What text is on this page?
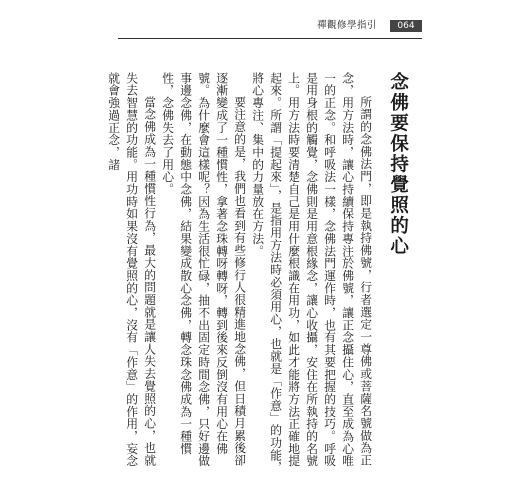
禪觀修學指引	064
念佛要保持覺照的心

所謂的念佛法門，即是執持佛號，行者選定一尊佛或菩薩名號做為正念，用方法時，讓心持續保持專注於佛號，讓正念攝住心，直至成為心唯一的正念。和呼吸法一樣，念佛法門運作時，也有其要把握的技巧。呼吸是用身根的觸覺，念佛則是用意根緣念，讓心收攝，安住在所執持的名號上。用方法時要清楚自己是用什麼根識在用功，如此才能將方法正確地提起來。所謂「提起來」，是指用方法時必須用心，也就是「作意」的功能，將心專注、集中的力量放在方法。

要注意的是，我們也看到有些修行人很精進地念佛，但日積月累後卻逐漸變成了一種慣性，拿著念珠轉呀轉呀，轉到後來反倒沒有用心在佛號。為什麼會這樣呢？因為生活很忙碌，抽不出固定時間念佛，只好邊做事邊念佛，在動態中念佛，結果變成散心念佛，轉念珠念佛成為一種慣性，念佛失去了用心。

當念佛成為一種慣性行為，最大的問題就是讓人失去覺照的心，也就失去智慧的功能。用功時如果沒有覺照的心，沒有「作意」的作用，妄念就會強過正念，諸
